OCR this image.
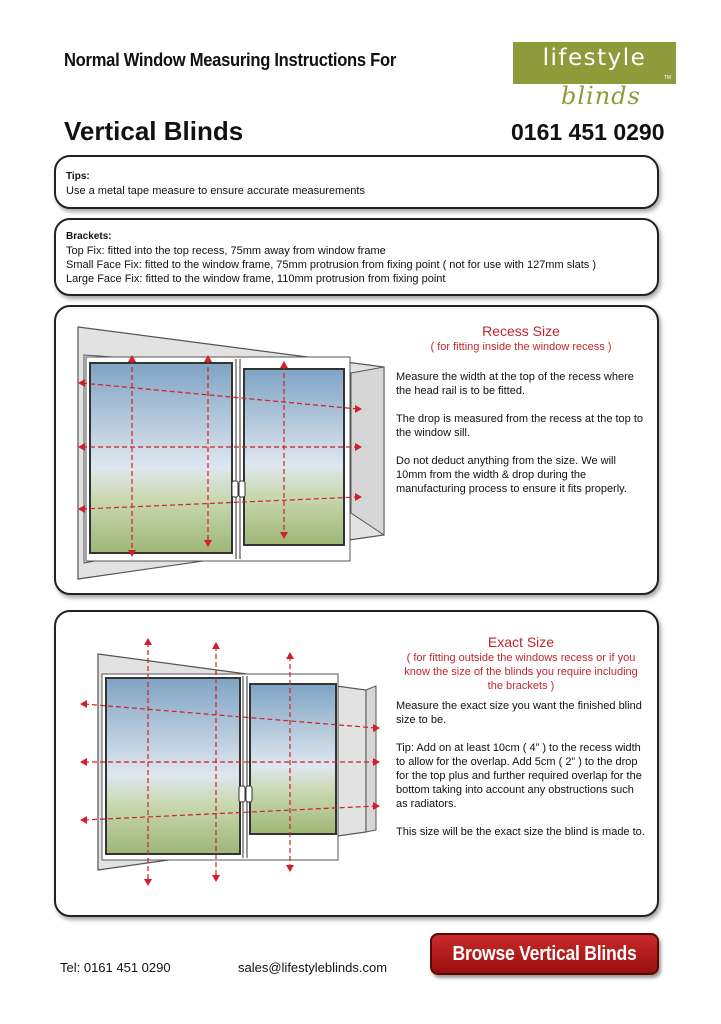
Normal Window Measuring Instructions For
Vertical Blinds	0161 451 0290
lifestyle
TM
blinds
Tips:
Use a metal tape measure to ensure accurate measurements
Brackets:
Top Fix: fitted into the top recess, 75mm away from window frame
Small Face Fix: fitted to the window frame, 75mm protrusion from fixing point ( not for use with 127mm slats )
Large Face Fix: fitted to the window frame, 110mm protrusion from fixing point
Recess Size
( for fitting inside the window recess )
Measure the width at the top of the recess where the head rail is to be fitted.
The drop is measured from the recess at the top to the window sill.
Do not deduct anything from the size. We will 10mm from the width & drop during the manufacturing process to ensure it fits properly.
Exact Size
( for fitting outside the windows recess or if you know the size of the blinds you require including the brackets )
Measure the exact size you want the finished blind size to be.
Tip: Add on at least 10cm ( 4” ) to the recess width to allow for the overlap. Add 5cm ( 2” ) to the drop for the top plus and further required overlap for the bottom taking into account any obstructions such as radiators.
This size will be the exact size the blind is made to.
Tel: 0161 451 0290	sales@lifestyleblinds.com
Browse Vertical Blinds
